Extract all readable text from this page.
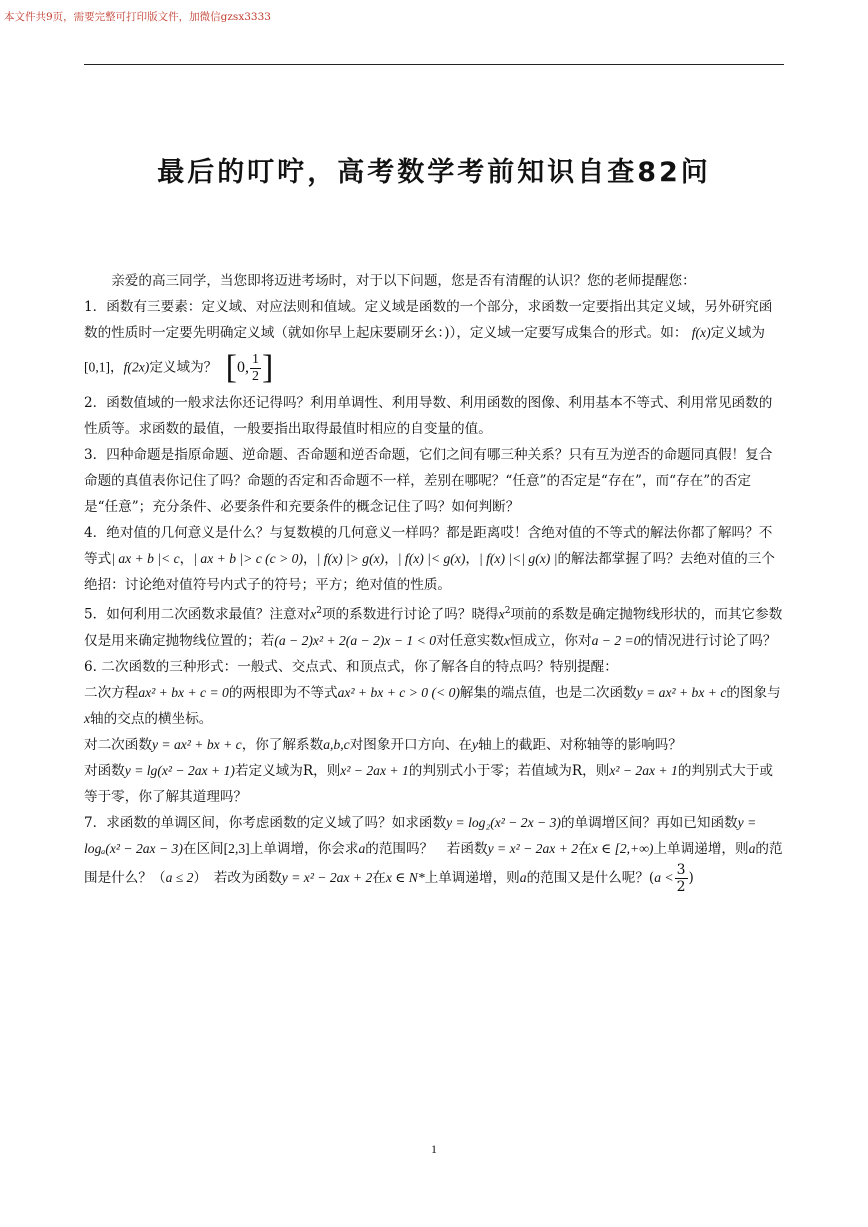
本文件共9页，需要完整可打印版文件，加微信gzsx3333
最后的叮咛，高考数学考前知识自查82问

亲爱的高三同学，当您即将迈进考场时，对于以下问题，您是否有清醒的认识？您的老师提醒您：

1．函数有三要素：定义域、对应法则和值域。定义域是函数的一个部分，求函数一定要指出其定义域，另外研究函数的性质时一定要先明确定义域（就如你早上起床要刷牙幺：)），定义域一定要写成集合的形式。如： f(x)定义域为[0,1]，f(2x)定义域为？ [ 0, $\frac{1}{2}$ ]

2．函数值域的一般求法你还记得吗？利用单调性、利用导数、利用函数的图像、利用基本不等式、利用常见函数的性质等。求函数的最值，一般要指出取得最值时相应的自变量的值。

3．四种命题是指原命题、逆命题、否命题和逆否命题，它们之间有哪三种关系？只有互为逆否的命题同真假！复合命题的真值表你记住了吗？命题的否定和否命题不一样，差别在哪呢？“任意”的否定是“存在”，而“存在”的否定是“任意”；充分条件、必要条件和充要条件的概念记住了吗？如何判断？

4．绝对值的几何意义是什么？与复数模的几何意义一样吗？都是距离哎！含绝对值的不等式的解法你都了解吗？不等式| ax + b |< c，| ax + b |> c (c > 0)，| f(x) |> g(x)，| f(x) |< g(x)，| f(x) |<| g(x) |的解法都掌握了吗？去绝对值的三个绝招：讨论绝对值符号内式子的符号；平方；绝对值的性质。

5．如何利用二次函数求最值？注意对$x^2$项的系数进行讨论了吗？晓得$x^2$项前的系数是确定抛物线形状的，而其它参数仅是用来确定抛物线位置的；若(a − 2)x² + 2(a − 2)x − 1 < 0对任意实数x恒成立，你对a − 2 =0的情况进行讨论了吗？

6. 二次函数的三种形式：一般式、交点式、和顶点式，你了解各自的特点吗？特别提醒：

二次方程ax² + bx + c = 0的两根即为不等式ax² + bx + c > 0 (< 0)解集的端点值，也是二次函数y = ax² + bx + c的图象与x轴的交点的横坐标。

对二次函数y = ax² + bx + c，你了解系数a,b,c对图象开口方向、在y轴上的截距、对称轴等的影响吗？

对函数y = lg(x² − 2ax + 1)若定义域为R，则x² − 2ax + 1的判别式小于零；若值域为R，则x² − 2ax + 1的判别式大于或等于零，你了解其道理吗？

7．求函数的单调区间，你考虑函数的定义域了吗？如求函数y = log₂(x² − 2x − 3)的单调增区间？再如已知函数y = logₐ(x² − 2ax − 3)在区间[2,3]上单调增，你会求a的范围吗？　若函数y = x² − 2ax + 2在x ∈ [2,+∞)上单调递增，则a的范围是什么？（a ≤ 2）　若改为函数y = x² − 2ax + 2在x ∈ N*上单调递增，则a的范围又是什么呢？($a < \frac{3}{2}$ )

1
